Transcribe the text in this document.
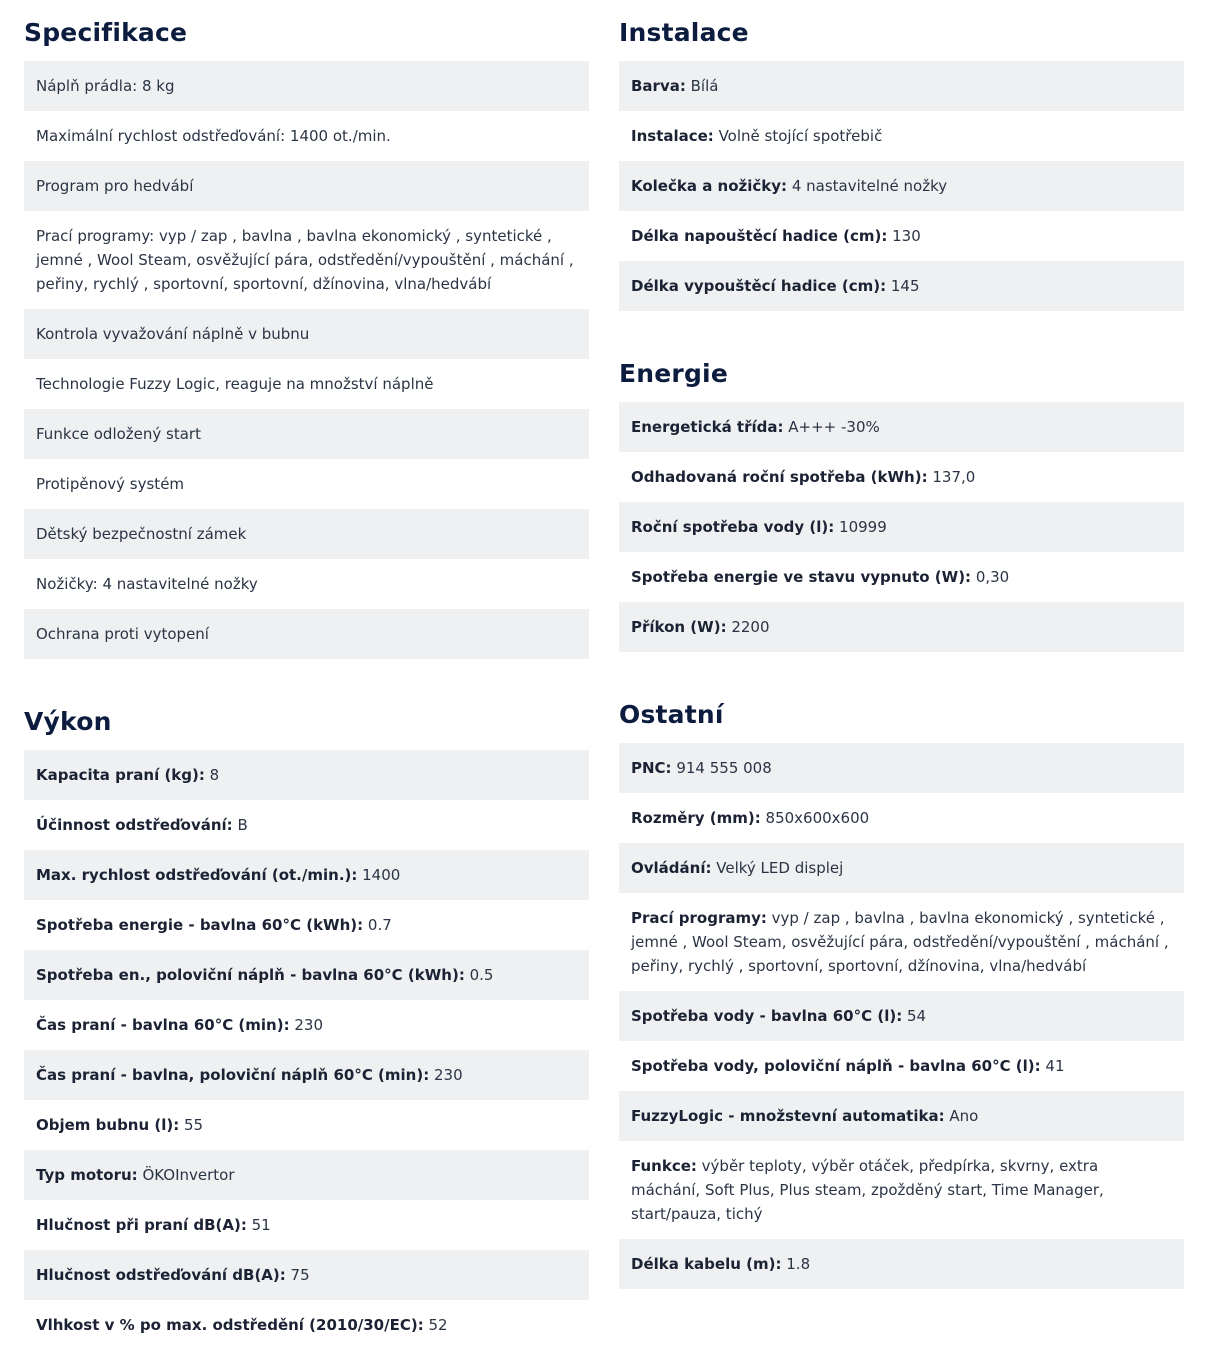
Specifikace
Náplň prádla: 8 kg
Maximální rychlost odstřeďování: 1400 ot./min.
Program pro hedvábí
Prací programy: vyp / zap , bavlna , bavlna ekonomický , syntetické , jemné , Wool Steam, osvěžující pára, odstředění/vypouštění , máchání , peřiny, rychlý , sportovní, sportovní, džínovina, vlna/hedvábí
Kontrola vyvažování náplně v bubnu
Technologie Fuzzy Logic, reaguje na množství náplně
Funkce odložený start
Protipěnový systém
Dětský bezpečnostní zámek
Nožičky: 4 nastavitelné nožky
Ochrana proti vytopení
Výkon
Kapacita praní (kg): 8
Účinnost odstřeďování: B
Max. rychlost odstřeďování (ot./min.): 1400
Spotřeba energie - bavlna 60°C (kWh): 0.7
Spotřeba en., poloviční náplň - bavlna 60°C (kWh): 0.5
Čas praní - bavlna 60°C (min): 230
Čas praní - bavlna, poloviční náplň 60°C (min): 230
Objem bubnu (l): 55
Typ motoru: ÖKOInvertor
Hlučnost při praní dB(A): 51
Hlučnost odstřeďování dB(A): 75
Vlhkost v % po max. odstředění (2010/30/EC): 52
Instalace
Barva: Bílá
Instalace: Volně stojící spotřebič
Kolečka a nožičky: 4 nastavitelné nožky
Délka napouštěcí hadice (cm): 130
Délka vypouštěcí hadice (cm): 145
Energie
Energetická třída: A+++ -30%
Odhadovaná roční spotřeba (kWh): 137,0
Roční spotřeba vody (l): 10999
Spotřeba energie ve stavu vypnuto (W): 0,30
Příkon (W): 2200
Ostatní
PNC: 914 555 008
Rozměry (mm): 850x600x600
Ovládání: Velký LED displej
Prací programy: vyp / zap , bavlna , bavlna ekonomický , syntetické , jemné , Wool Steam, osvěžující pára, odstředění/vypouštění , máchání , peřiny, rychlý , sportovní, sportovní, džínovina, vlna/hedvábí
Spotřeba vody - bavlna 60°C (l): 54
Spotřeba vody, poloviční náplň - bavlna 60°C (l): 41
FuzzyLogic - množstevní automatika: Ano
Funkce: výběr teploty, výběr otáček, předpírka, skvrny, extra máchání, Soft Plus, Plus steam, zpožděný start, Time Manager, start/pauza, tichý
Délka kabelu (m): 1.8
